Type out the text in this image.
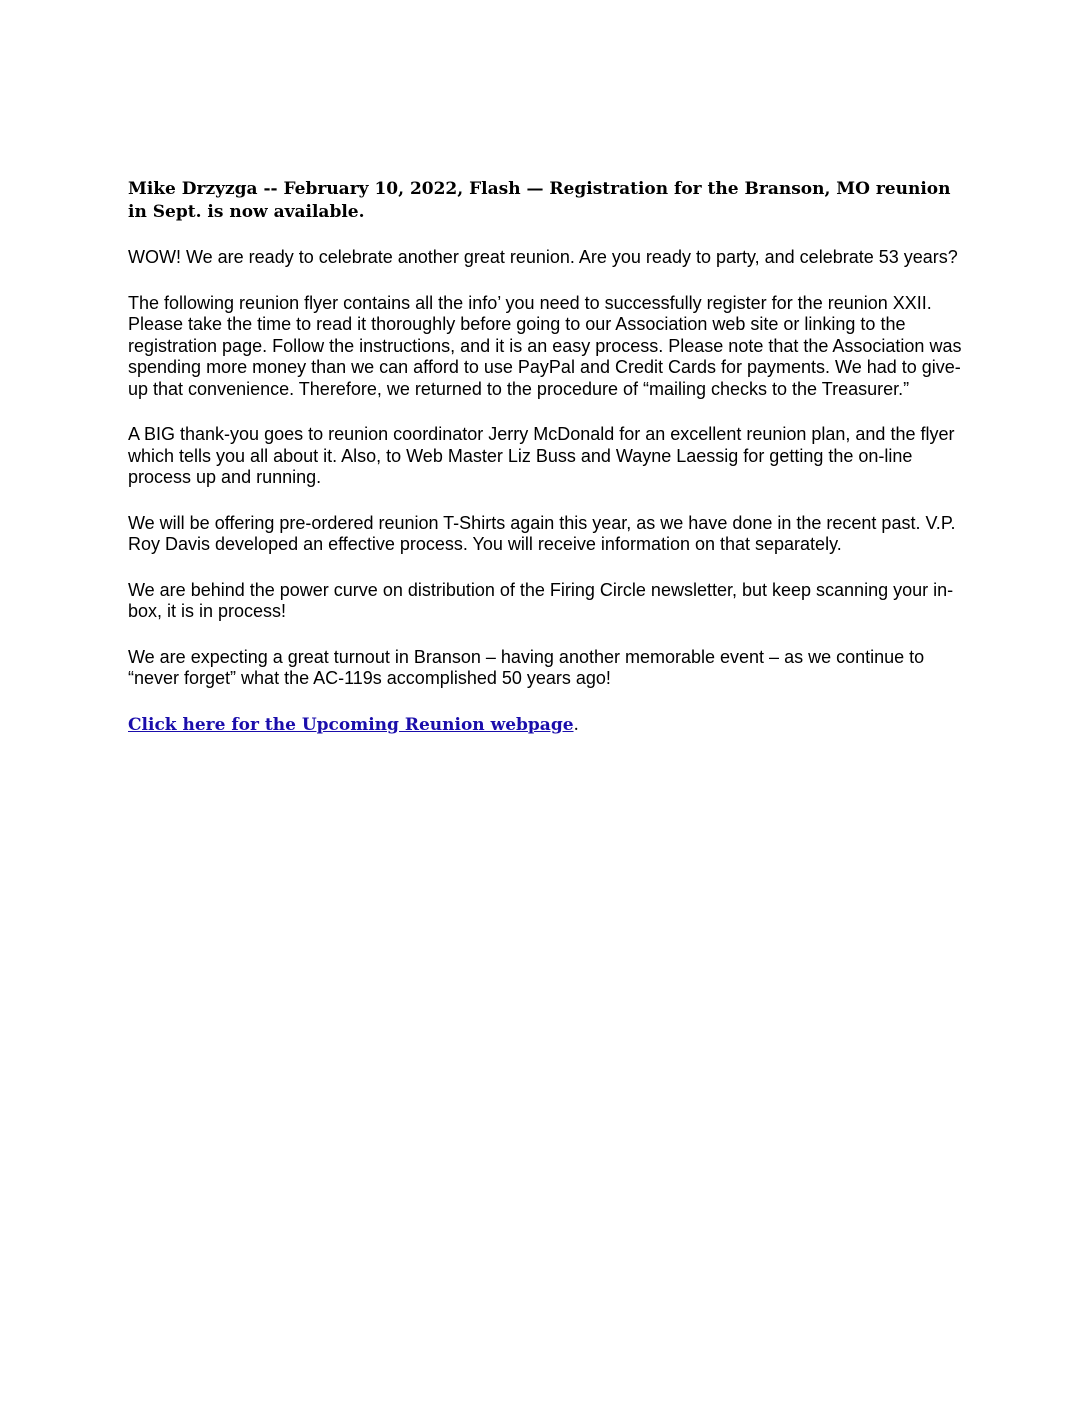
Mike Drzyzga -- February 10, 2022, Flash — Registration for the Branson, MO reunion in Sept. is now available.

WOW! We are ready to celebrate another great reunion. Are you ready to party, and celebrate 53 years?

The following reunion flyer contains all the info’ you need to successfully register for the reunion XXII. Please take the time to read it thoroughly before going to our Association web site or linking to the registration page. Follow the instructions, and it is an easy process. Please note that the Association was spending more money than we can afford to use PayPal and Credit Cards for payments. We had to give-up that convenience. Therefore, we returned to the procedure of “mailing checks to the Treasurer.”

A BIG thank-you goes to reunion coordinator Jerry McDonald for an excellent reunion plan, and the flyer which tells you all about it. Also, to Web Master Liz Buss and Wayne Laessig for getting the on-line process up and running.

We will be offering pre-ordered reunion T-Shirts again this year, as we have done in the recent past. V.P. Roy Davis developed an effective process. You will receive information on that separately.

We are behind the power curve on distribution of the Firing Circle newsletter, but keep scanning your in-box, it is in process!

We are expecting a great turnout in Branson – having another memorable event – as we continue to “never forget” what the AC-119s accomplished 50 years ago!

Click here for the Upcoming Reunion webpage.
